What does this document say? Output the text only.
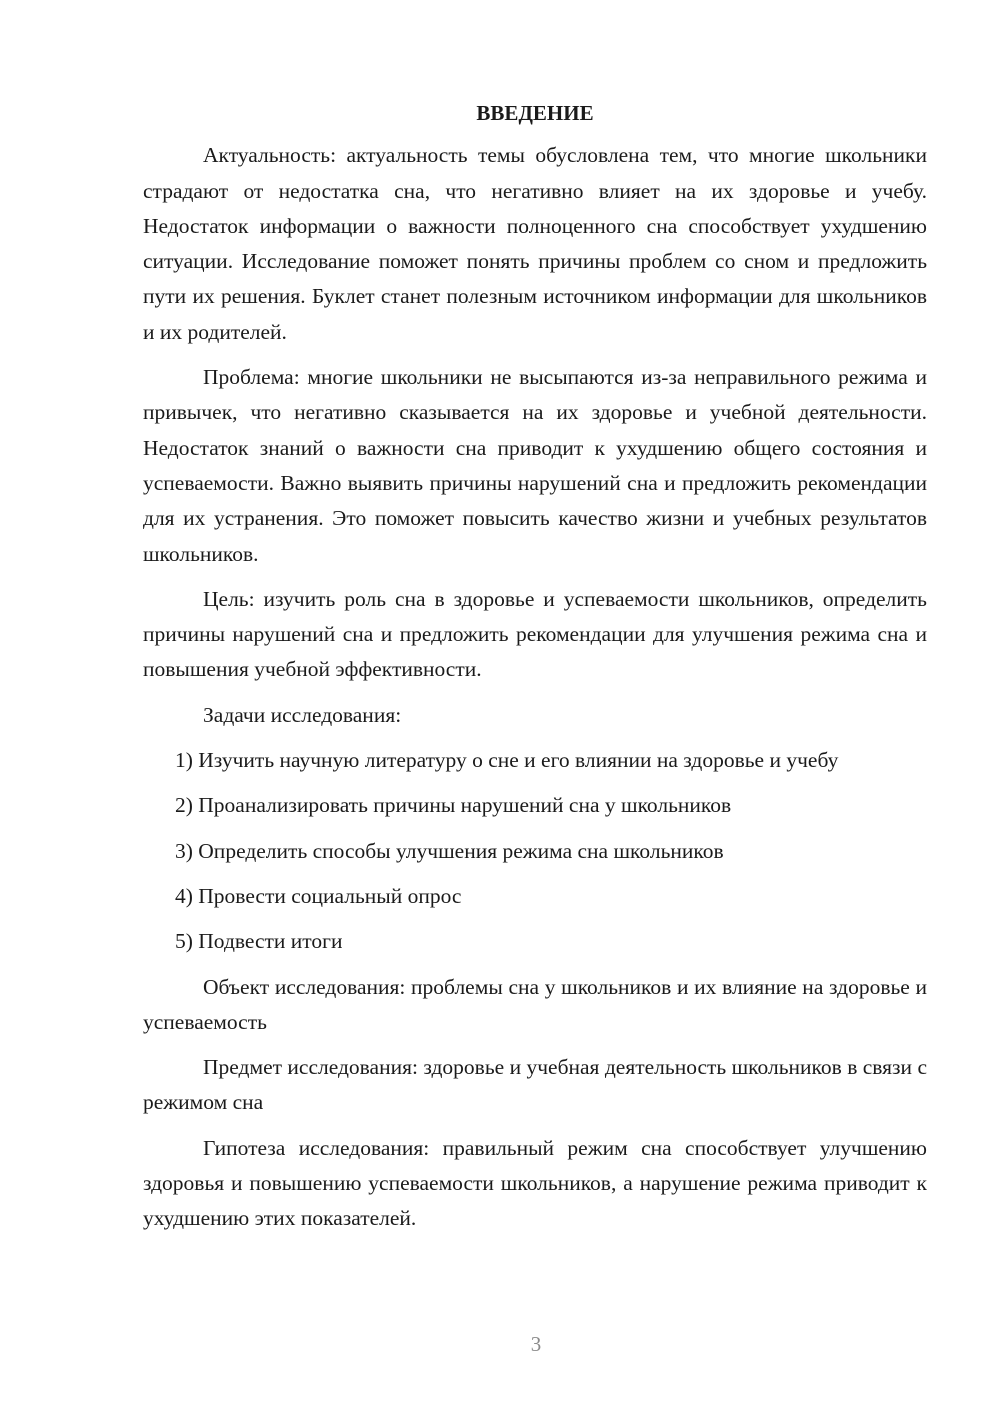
ВВЕДЕНИЕ

Актуальность: актуальность темы обусловлена тем, что многие школьники страдают от недостатка сна, что негативно влияет на их здоровье и учебу. Недостаток информации о важности полноценного сна способствует ухудшению ситуации. Исследование поможет понять причины проблем со сном и предложить пути их решения. Буклет станет полезным источником информации для школьников и их родителей.

Проблема: многие школьники не высыпаются из-за неправильного режима и привычек, что негативно сказывается на их здоровье и учебной деятельности. Недостаток знаний о важности сна приводит к ухудшению общего состояния и успеваемости. Важно выявить причины нарушений сна и предложить рекомендации для их устранения. Это поможет повысить качество жизни и учебных результатов школьников.

Цель: изучить роль сна в здоровье и успеваемости школьников, определить причины нарушений сна и предложить рекомендации для улучшения режима сна и повышения учебной эффективности.

Задачи исследования:

1) Изучить научную литературу о сне и его влиянии на здоровье и учебу

2) Проанализировать причины нарушений сна у школьников

3) Определить способы улучшения режима сна школьников

4) Провести социальный опрос

5) Подвести итоги

Объект исследования: проблемы сна у школьников и их влияние на здоровье и успеваемость

Предмет исследования: здоровье и учебная деятельность школьников в связи с режимом сна

Гипотеза исследования: правильный режим сна способствует улучшению здоровья и повышению успеваемости школьников, а нарушение режима приводит к ухудшению этих показателей.

3
